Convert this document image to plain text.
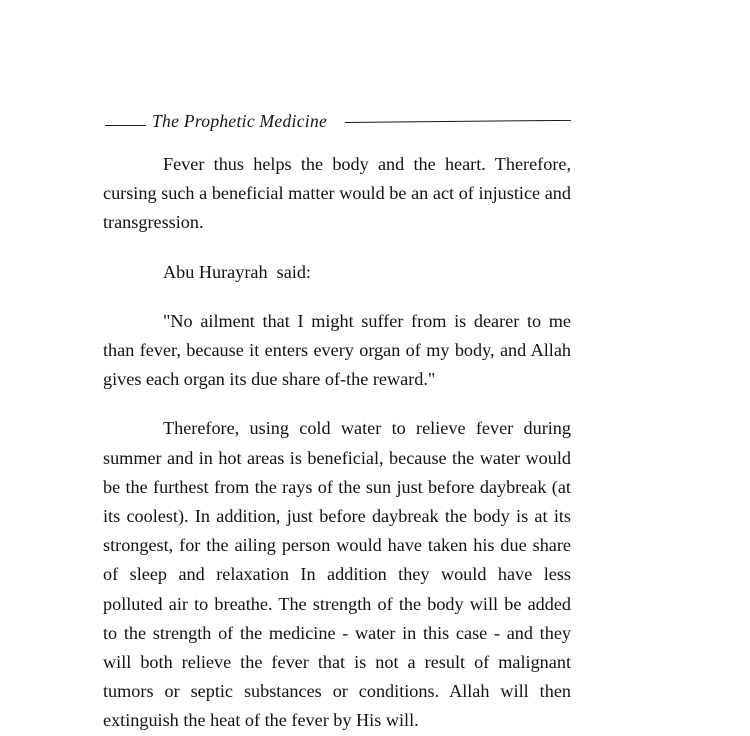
The Prophetic Medicine

Fever thus helps the body and the heart. Therefore, cursing such a beneficial matter would be an act of injustice and transgression.

Abu Hurayrah  said:

"No ailment that I might suffer from is dearer to me than fever, because it enters every organ of my body, and Allah gives each organ its due share of-the reward."

Therefore, using cold water to relieve fever during summer and in hot areas is beneficial, because the water would be the furthest from the rays of the sun just before daybreak (at its coolest). In addition, just before daybreak the body is at its strongest, for the ailing person would have taken his due share of sleep and relaxation In addition they would have less polluted air to breathe. The strength of the body will be added to the strength of the medicine - water in this case - and they will both relieve the fever that is not a result of malignant tumors or septic substances or conditions. Allah will then extinguish the heat of the fever by His will.
